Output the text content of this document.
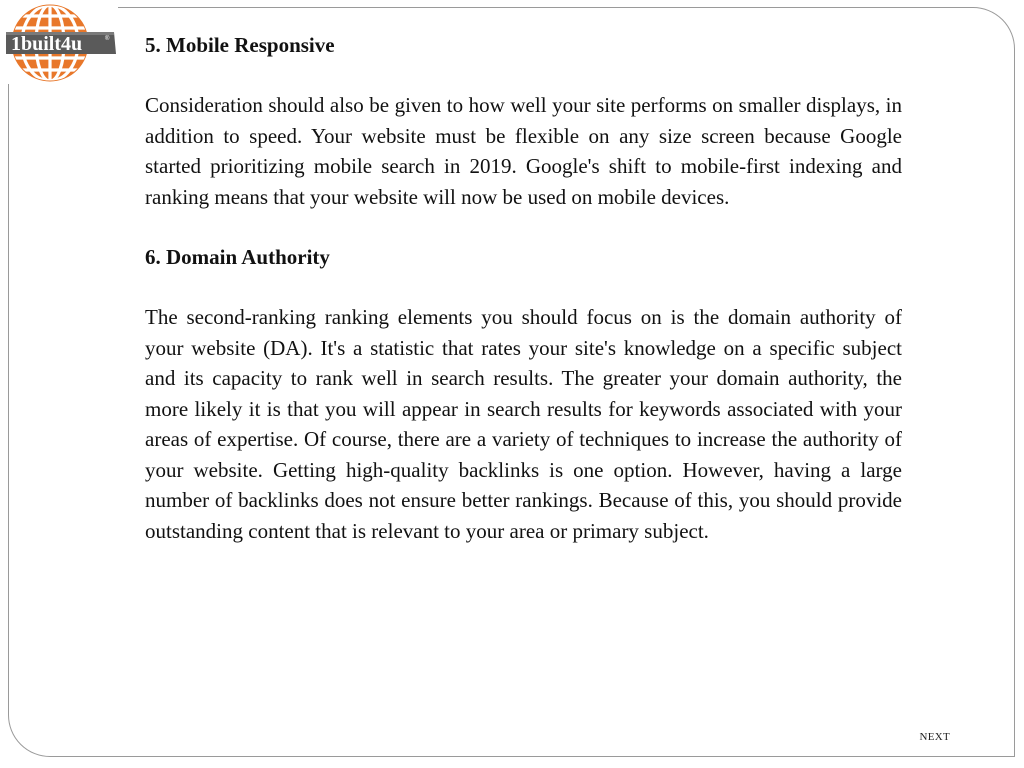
1built4u	® 5. Mobile Responsive

Consideration should also be given to how well your site performs on smaller displays, in addition to speed. Your website must be flexible on any size screen because Google started prioritizing mobile search in 2019. Google's shift to mobile-first indexing and ranking means that your website will now be used on mobile devices.

6. Domain Authority

The second-ranking ranking elements you should focus on is the domain authority of your website (DA). It's a statistic that rates your site's knowledge on a specific subject and its capacity to rank well in search results. The greater your domain authority, the more likely it is that you will appear in search results for keywords associated with your areas of expertise. Of course, there are a variety of techniques to increase the authority of your website. Getting high-quality backlinks is one option. However, having a large number of backlinks does not ensure better rankings. Because of this, you should provide outstanding content that is relevant to your area or primary subject.

NEXT
